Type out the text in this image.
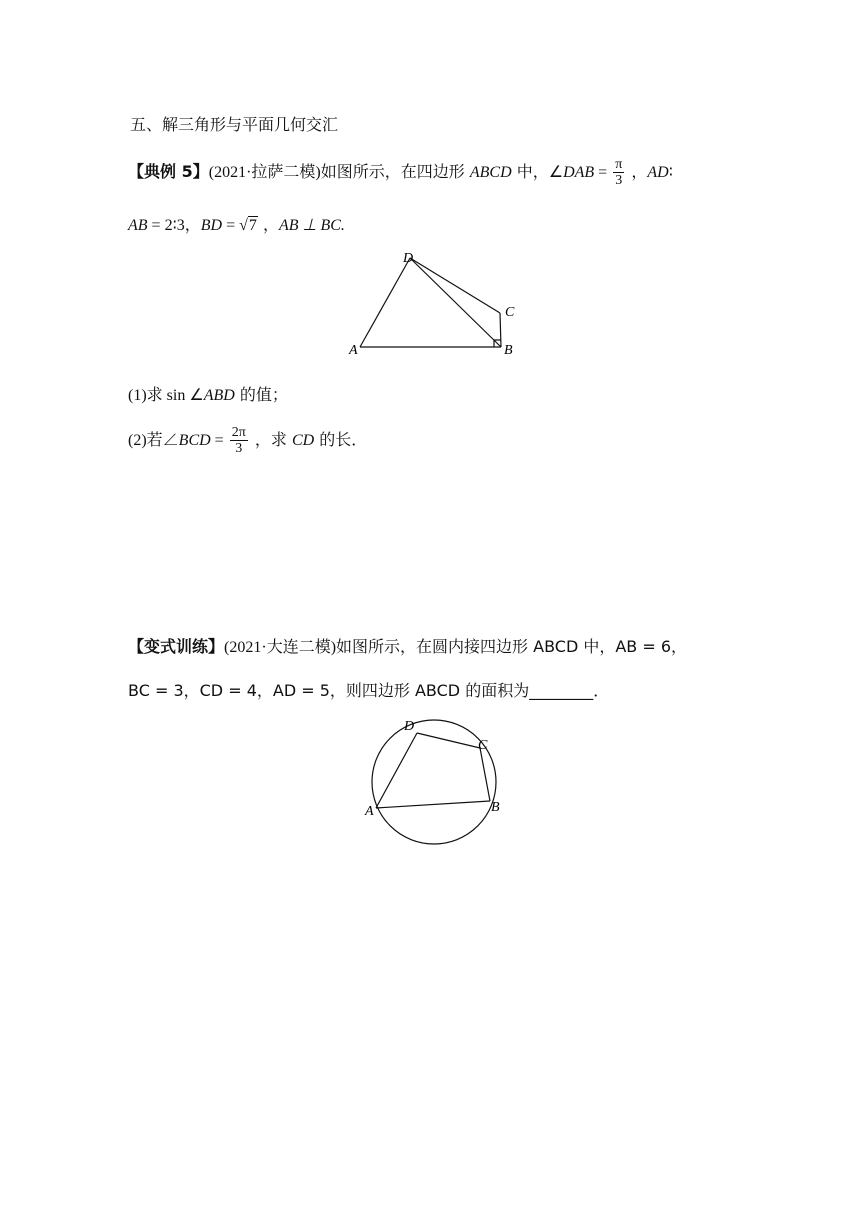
五、解三角形与平面几何交汇
【典例 5】(2021·拉萨二模)如图所示，在四边形 ABCD 中，∠DAB = $\frac{\pi}{3}$ ，AD∶
AB = 2∶3，BD = √7 ，AB ⊥ BC.
D
A	B
C
(1)求 sin ∠ABD 的值；
(2)若∠BCD = $\frac{2\pi}{3}$ ，求 CD 的长．
【变式训练】(2021·大连二模)如图所示，在圆内接四边形 ABCD 中，AB = 6，
BC = 3，CD = 4，AD = 5，则四边形 ABCD 的面积为________．
D
C
A	B
